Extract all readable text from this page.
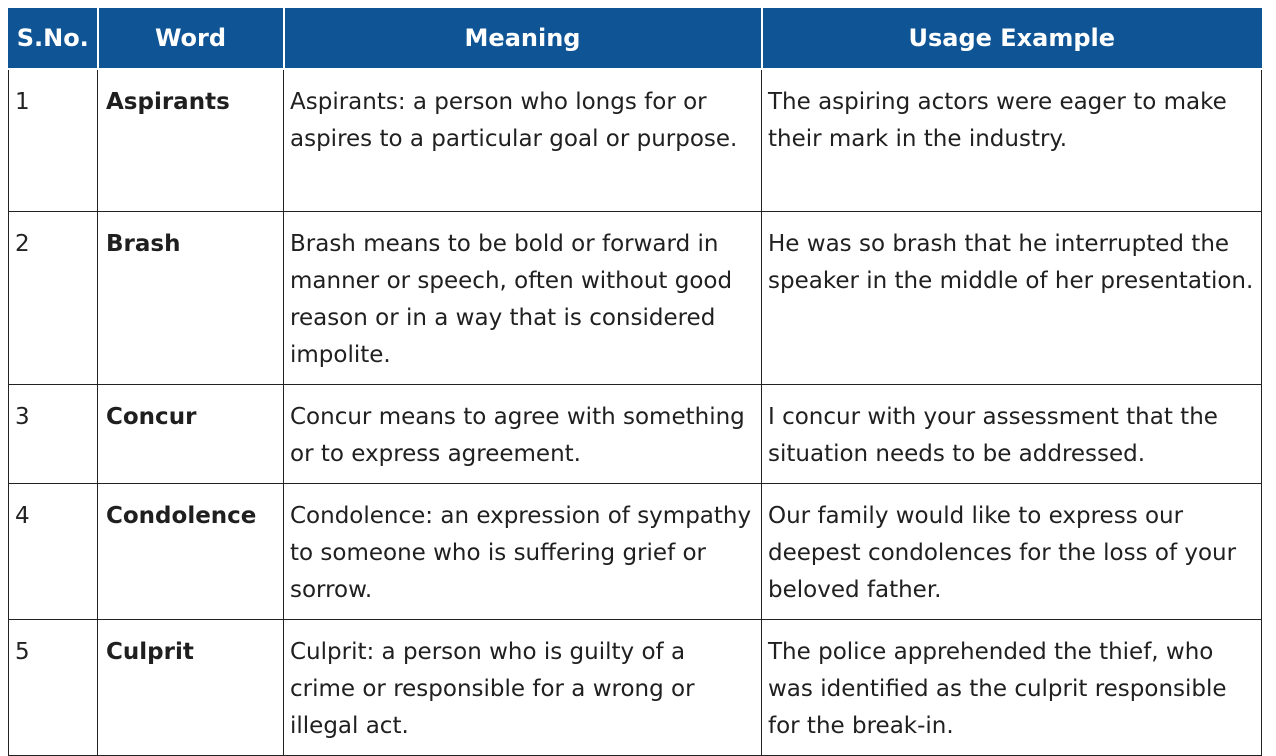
S.No.	Word	Meaning	Usage Example
1	Aspirants	Aspirants: a person who longs for or aspires to a particular goal or purpose.	The aspiring actors were eager to make their mark in the industry.
2	Brash	Brash means to be bold or forward in manner or speech, often without good reason or in a way that is considered impolite.	He was so brash that he interrupted the speaker in the middle of her presentation.
3	Concur	Concur means to agree with something or to express agreement.	I concur with your assessment that the situation needs to be addressed.
4	Condolence	Condolence: an expression of sympathy to someone who is suffering grief or sorrow.	Our family would like to express our deepest condolences for the loss of your beloved father.
5	Culprit	Culprit: a person who is guilty of a crime or responsible for a wrong or illegal act.	The police apprehended the thief, who was identified as the culprit responsible for the break-in.
